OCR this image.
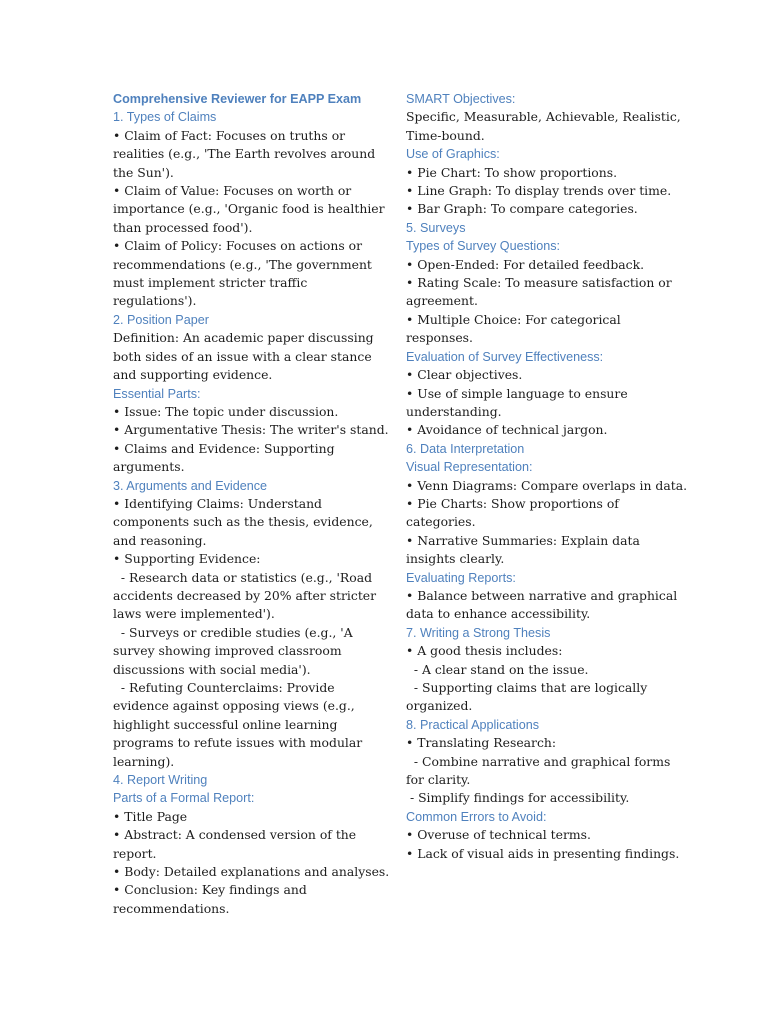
Comprehensive Reviewer for EAPP Exam
1. Types of Claims
• Claim of Fact: Focuses on truths or
realities (e.g., 'The Earth revolves around
the Sun').
• Claim of Value: Focuses on worth or
importance (e.g., 'Organic food is healthier
than processed food').
• Claim of Policy: Focuses on actions or
recommendations (e.g., 'The government
must implement stricter traffic
regulations').
2. Position Paper
Definition: An academic paper discussing
both sides of an issue with a clear stance
and supporting evidence.
Essential Parts:
• Issue: The topic under discussion.
• Argumentative Thesis: The writer's stand.
• Claims and Evidence: Supporting
arguments.
3. Arguments and Evidence
• Identifying Claims: Understand
components such as the thesis, evidence,
and reasoning.
• Supporting Evidence:
- Research data or statistics (e.g., 'Road
accidents decreased by 20% after stricter
laws were implemented').
- Surveys or credible studies (e.g., 'A
survey showing improved classroom
discussions with social media').
- Refuting Counterclaims: Provide
evidence against opposing views (e.g.,
highlight successful online learning
programs to refute issues with modular
learning).
4. Report Writing
Parts of a Formal Report:
• Title Page
• Abstract: A condensed version of the
report.
• Body: Detailed explanations and analyses.
• Conclusion: Key findings and
recommendations.
SMART Objectives:
Specific, Measurable, Achievable, Realistic,
Time-bound.
Use of Graphics:
• Pie Chart: To show proportions.
• Line Graph: To display trends over time.
• Bar Graph: To compare categories.
5. Surveys
Types of Survey Questions:
• Open-Ended: For detailed feedback.
• Rating Scale: To measure satisfaction or
agreement.
• Multiple Choice: For categorical
responses.
Evaluation of Survey Effectiveness:
• Clear objectives.
• Use of simple language to ensure
understanding.
• Avoidance of technical jargon.
6. Data Interpretation
Visual Representation:
• Venn Diagrams: Compare overlaps in data.
• Pie Charts: Show proportions of
categories.
• Narrative Summaries: Explain data
insights clearly.
Evaluating Reports:
• Balance between narrative and graphical
data to enhance accessibility.
7. Writing a Strong Thesis
• A good thesis includes:
- A clear stand on the issue.
- Supporting claims that are logically
organized.
8. Practical Applications
• Translating Research:
- Combine narrative and graphical forms
for clarity.
- Simplify findings for accessibility.
Common Errors to Avoid:
• Overuse of technical terms.
• Lack of visual aids in presenting findings.
